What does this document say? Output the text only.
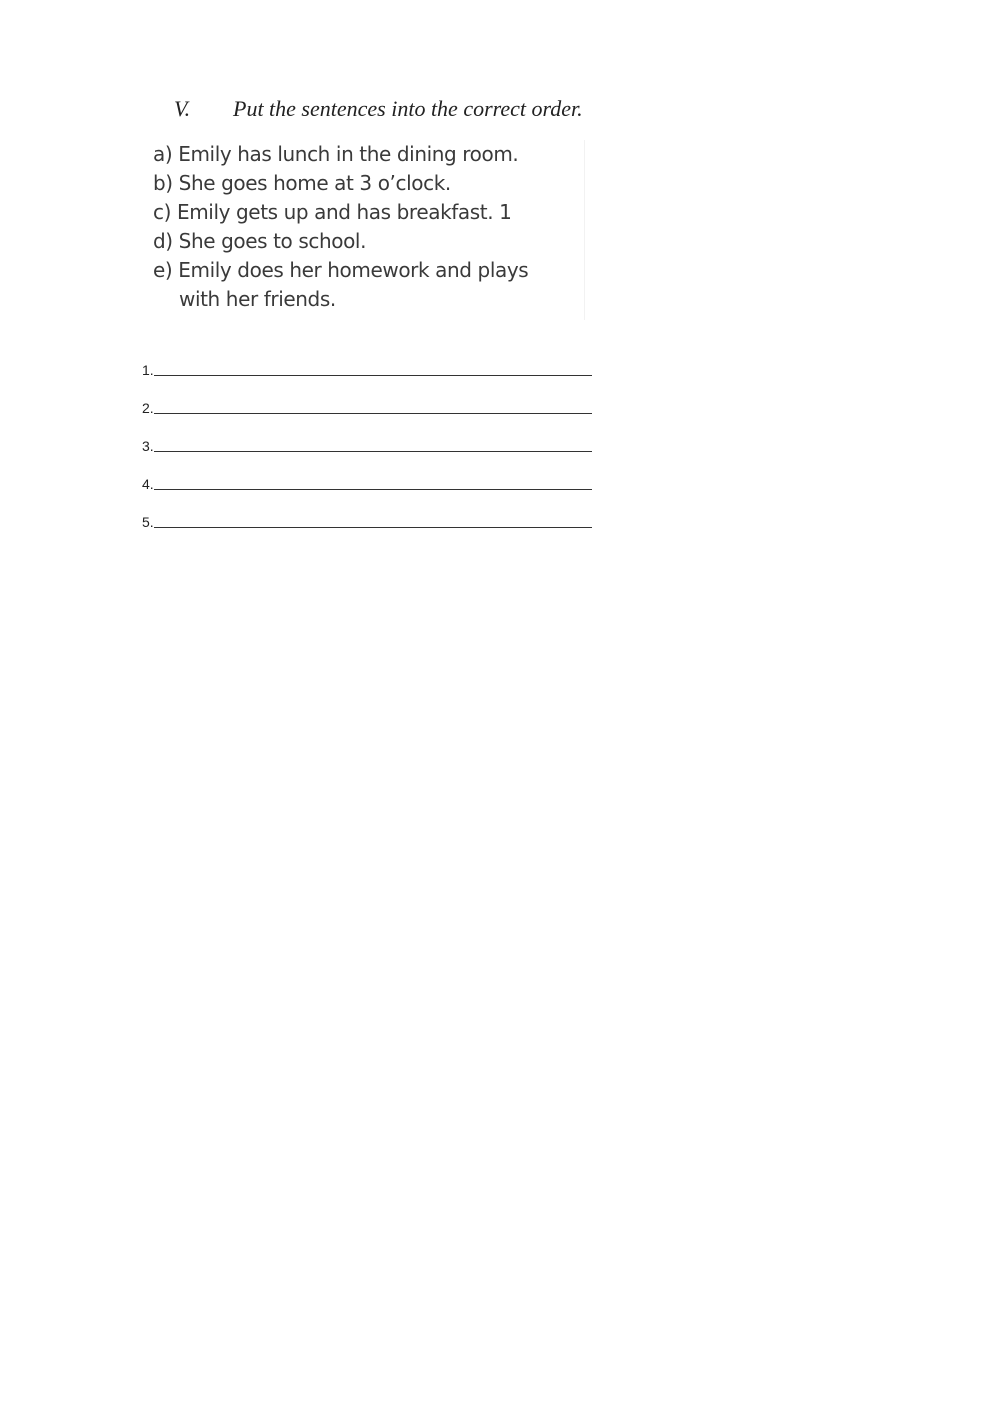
V. Put the sentences into the correct order.
a) Emily has lunch in the dining room.
b) She goes home at 3 o’clock.
c) Emily gets up and has breakfast. 1
d) She goes to school.
e) Emily does her homework and plays
with her friends.
1.
2.
3.
4.
5.
